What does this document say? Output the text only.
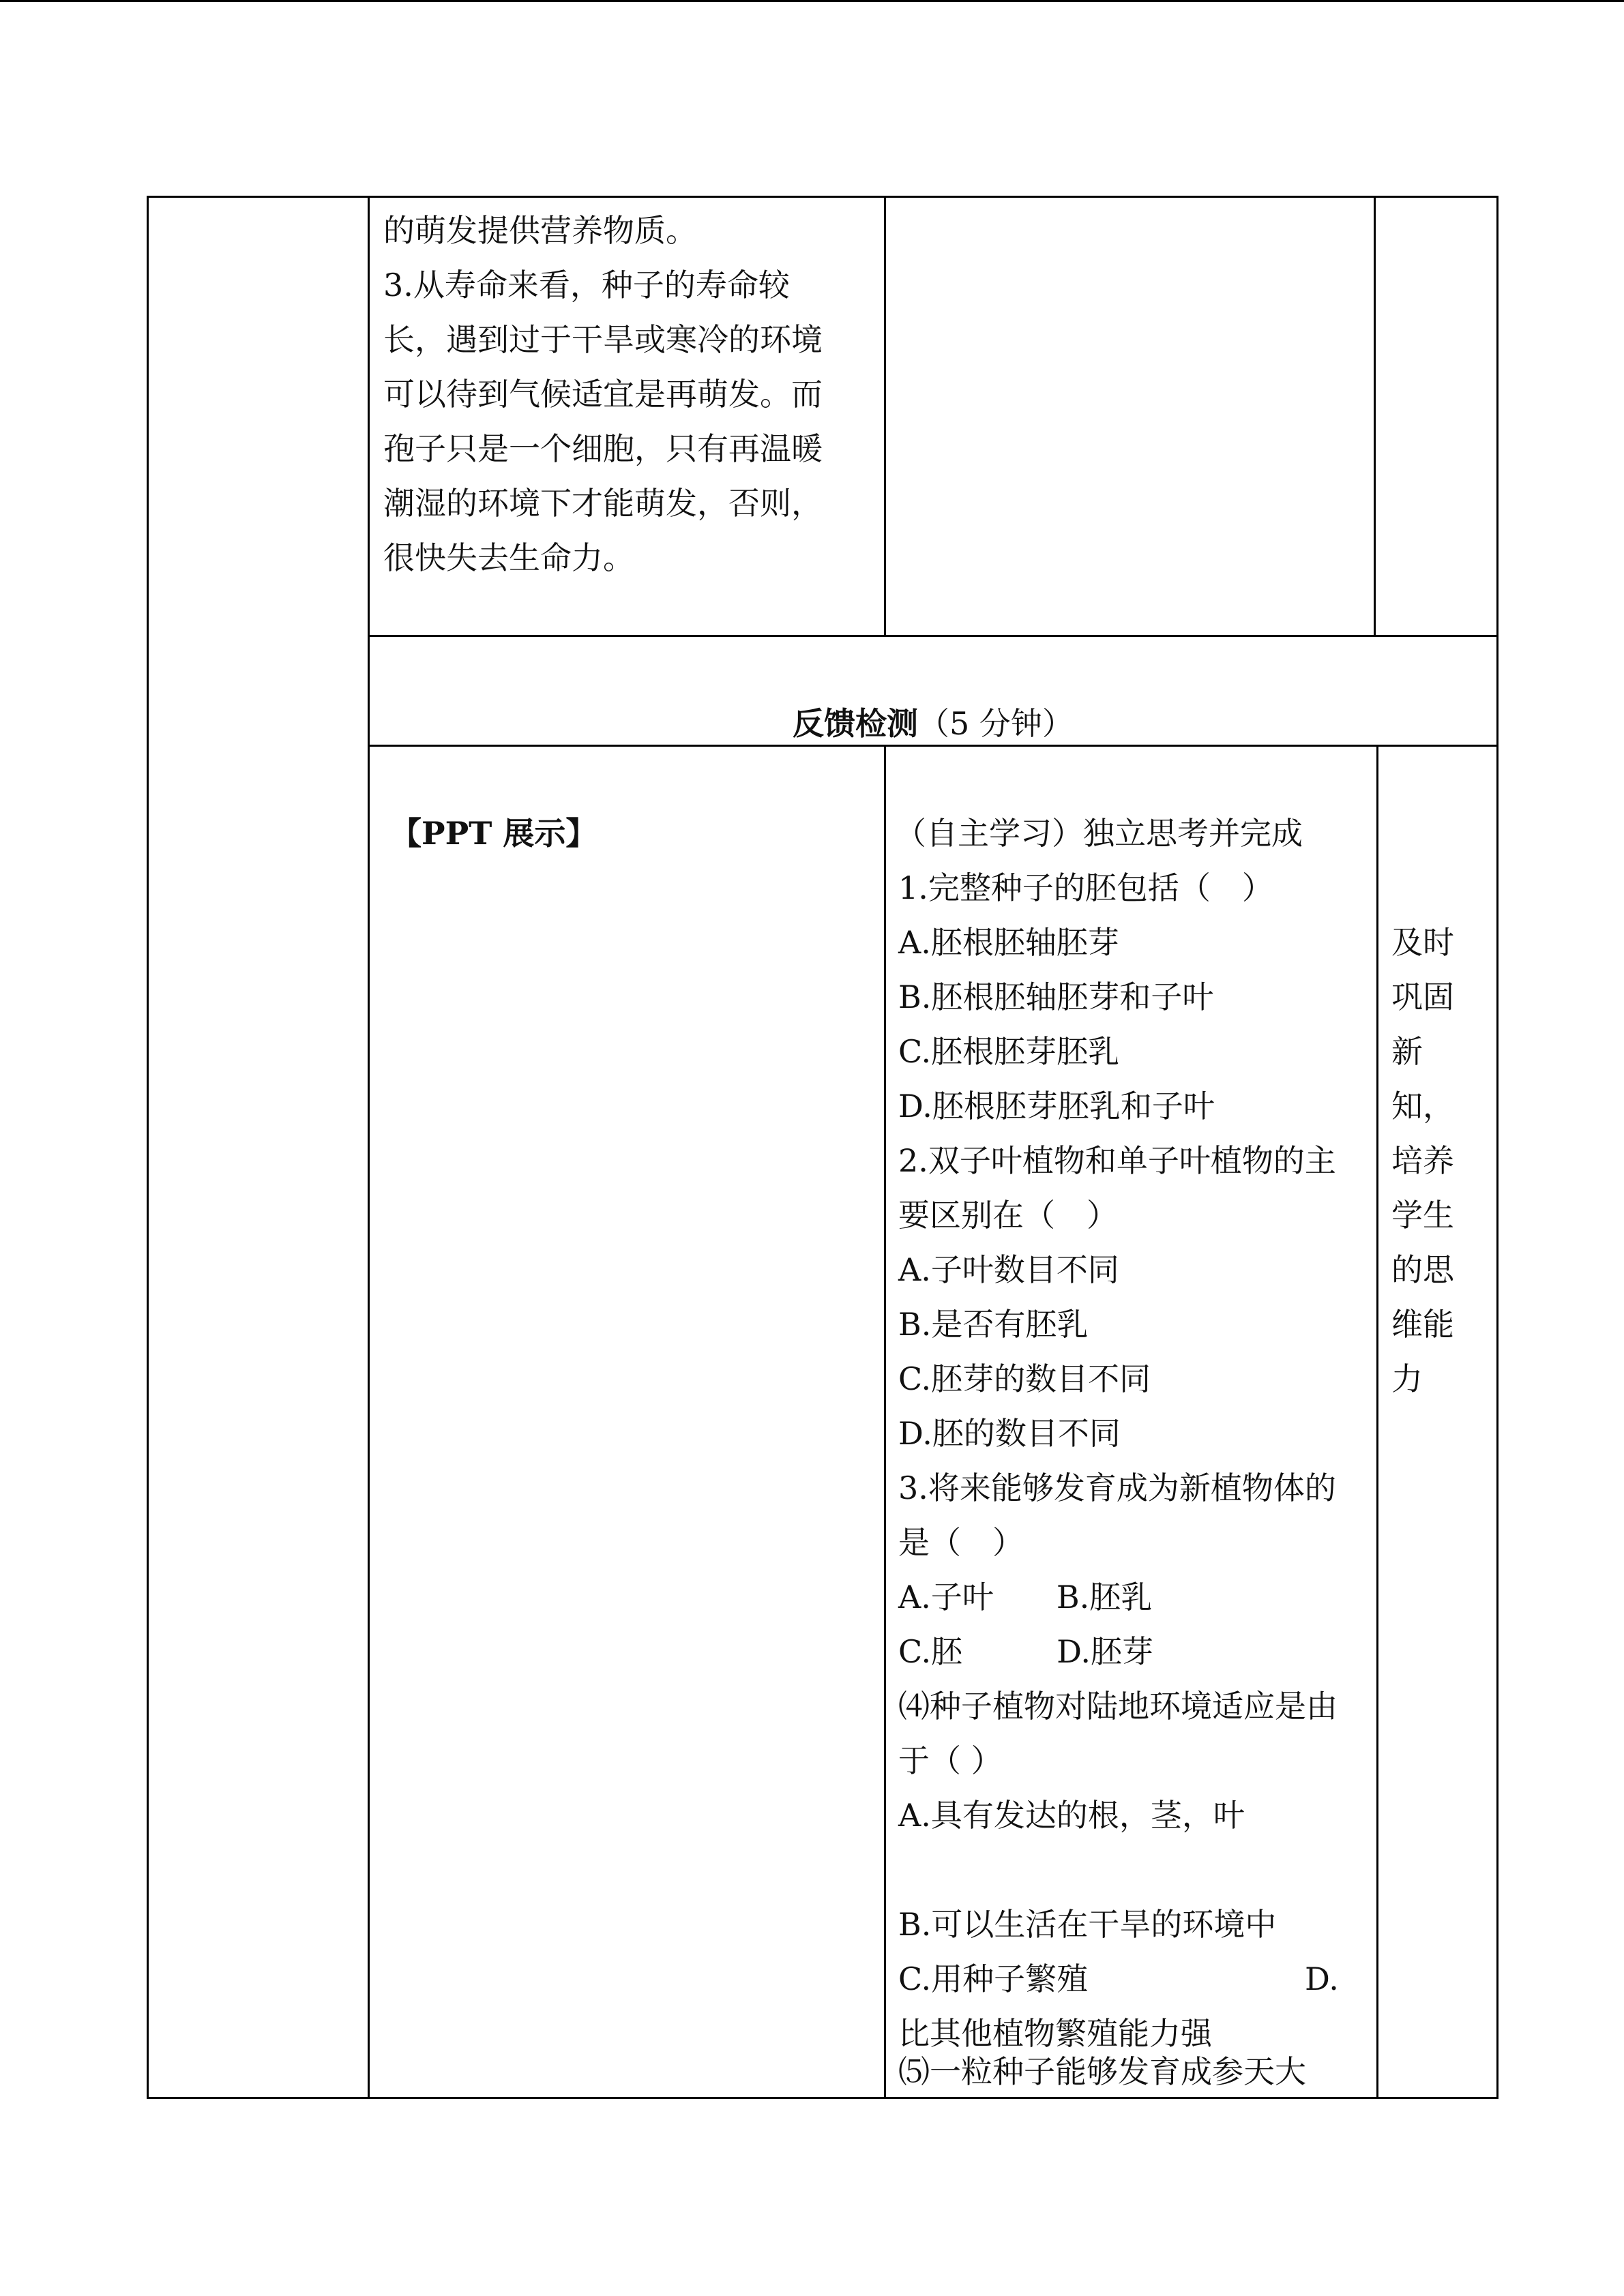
的萌发提供营养物质。
3.从寿命来看，种子的寿命较
长，遇到过于干旱或寒冷的环境
可以待到气候适宜是再萌发。而
孢子只是一个细胞，只有再温暖
潮湿的环境下才能萌发，否则，
很快失去生命力。
反馈检测（5 分钟）
【PPT 展示】	（自主学习）独立思考并完成
1.完整种子的胚包括（　）
A.胚根胚轴胚芽
B.胚根胚轴胚芽和子叶
C.胚根胚芽胚乳
D.胚根胚芽胚乳和子叶
2.双子叶植物和单子叶植物的主
要区别在（　）
A.子叶数目不同
B.是否有胚乳
C.胚芽的数目不同
D.胚的数目不同
3.将来能够发育成为新植物体的
是（　）
A.子叶　　B.胚乳
C.胚　　　D.胚芽
⑷种子植物对陆地环境适应是由
于（ ）
A.具有发达的根，茎，叶
B.可以生活在干旱的环境中
C.用种子繁殖	D.
比其他植物繁殖能力强
⑸一粒种子能够发育成参天大
及时
巩固
新
知，
培养
学生
的思
维能
力
